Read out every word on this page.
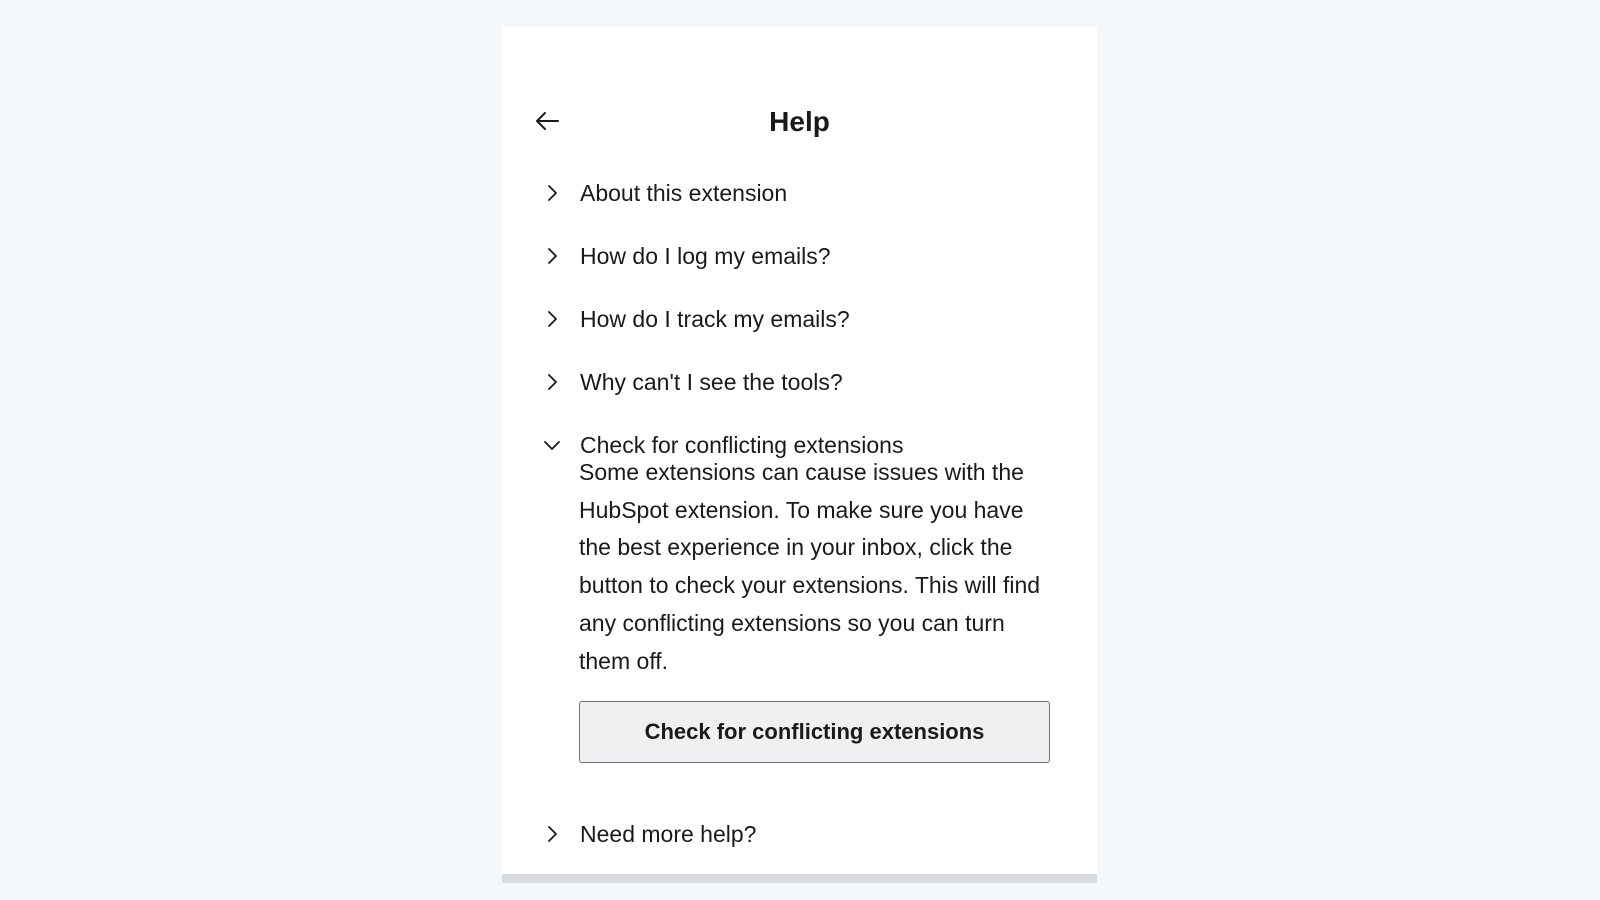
Help
About this extension
How do I log my emails?
How do I track my emails?
Why can't I see the tools?
Check for conflicting extensions

Some extensions can cause issues with the HubSpot extension. To make sure you have the best experience in your inbox, click the button to check your extensions. This will find any conflicting extensions so you can turn them off.

Check for conflicting extensions
Need more help?
